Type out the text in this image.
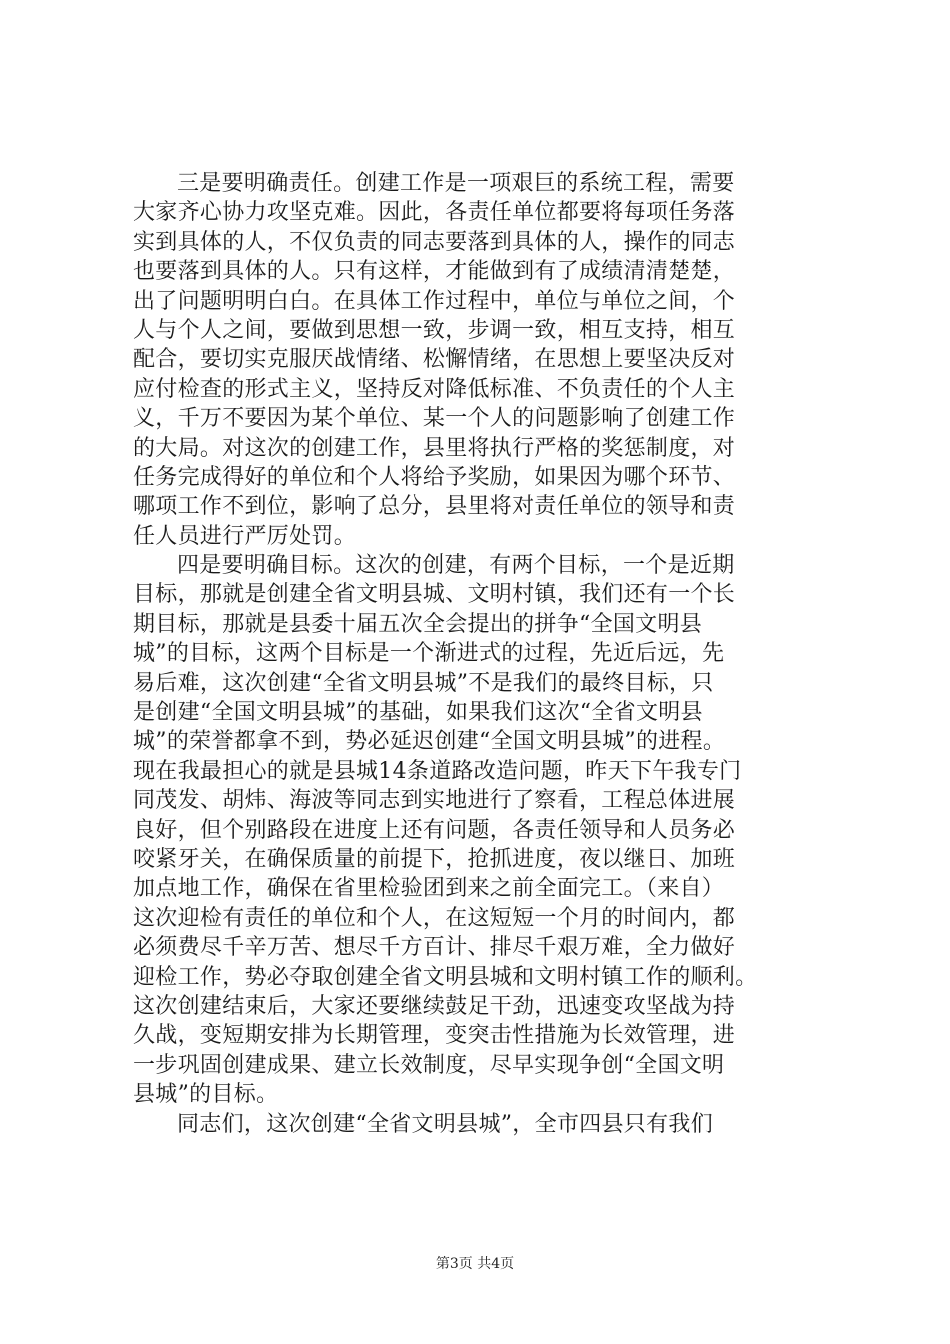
三是要明确责任。创建工作是一项艰巨的系统工程，需要
大家齐心协力攻坚克难。因此，各责任单位都要将每项任务落
实到具体的人，不仅负责的同志要落到具体的人，操作的同志
也要落到具体的人。只有这样，才能做到有了成绩清清楚楚，
出了问题明明白白。在具体工作过程中，单位与单位之间，个
人与个人之间，要做到思想一致，步调一致，相互支持，相互
配合，要切实克服厌战情绪、松懈情绪，在思想上要坚决反对
应付检查的形式主义，坚持反对降低标准、不负责任的个人主
义，千万不要因为某个单位、某一个人的问题影响了创建工作
的大局。对这次的创建工作，县里将执行严格的奖惩制度，对
任务完成得好的单位和个人将给予奖励，如果因为哪个环节、
哪项工作不到位，影响了总分，县里将对责任单位的领导和责
任人员进行严厉处罚。
四是要明确目标。这次的创建，有两个目标，一个是近期
目标，那就是创建全省文明县城、文明村镇，我们还有一个长
期目标，那就是县委十届五次全会提出的拼争“全国文明县
城”的目标，这两个目标是一个渐进式的过程，先近后远，先
易后难，这次创建“全省文明县城”不是我们的最终目标，只
是创建“全国文明县城”的基础，如果我们这次“全省文明县
城”的荣誉都拿不到，势必延迟创建“全国文明县城”的进程。
现在我最担心的就是县城14条道路改造问题，昨天下午我专门
同茂发、胡炜、海波等同志到实地进行了察看，工程总体进展
良好，但个别路段在进度上还有问题，各责任领导和人员务必
咬紧牙关，在确保质量的前提下，抢抓进度，夜以继日、加班
加点地工作，确保在省里检验团到来之前全面完工。（来自）
这次迎检有责任的单位和个人，在这短短一个月的时间内，都
必须费尽千辛万苦、想尽千方百计、排尽千艰万难，全力做好
迎检工作，势必夺取创建全省文明县城和文明村镇工作的顺利。
这次创建结束后，大家还要继续鼓足干劲，迅速变攻坚战为持
久战，变短期安排为长期管理，变突击性措施为长效管理，进
一步巩固创建成果、建立长效制度，尽早实现争创“全国文明
县城”的目标。
同志们，这次创建“全省文明县城”，全市四县只有我们
第3页 共4页
